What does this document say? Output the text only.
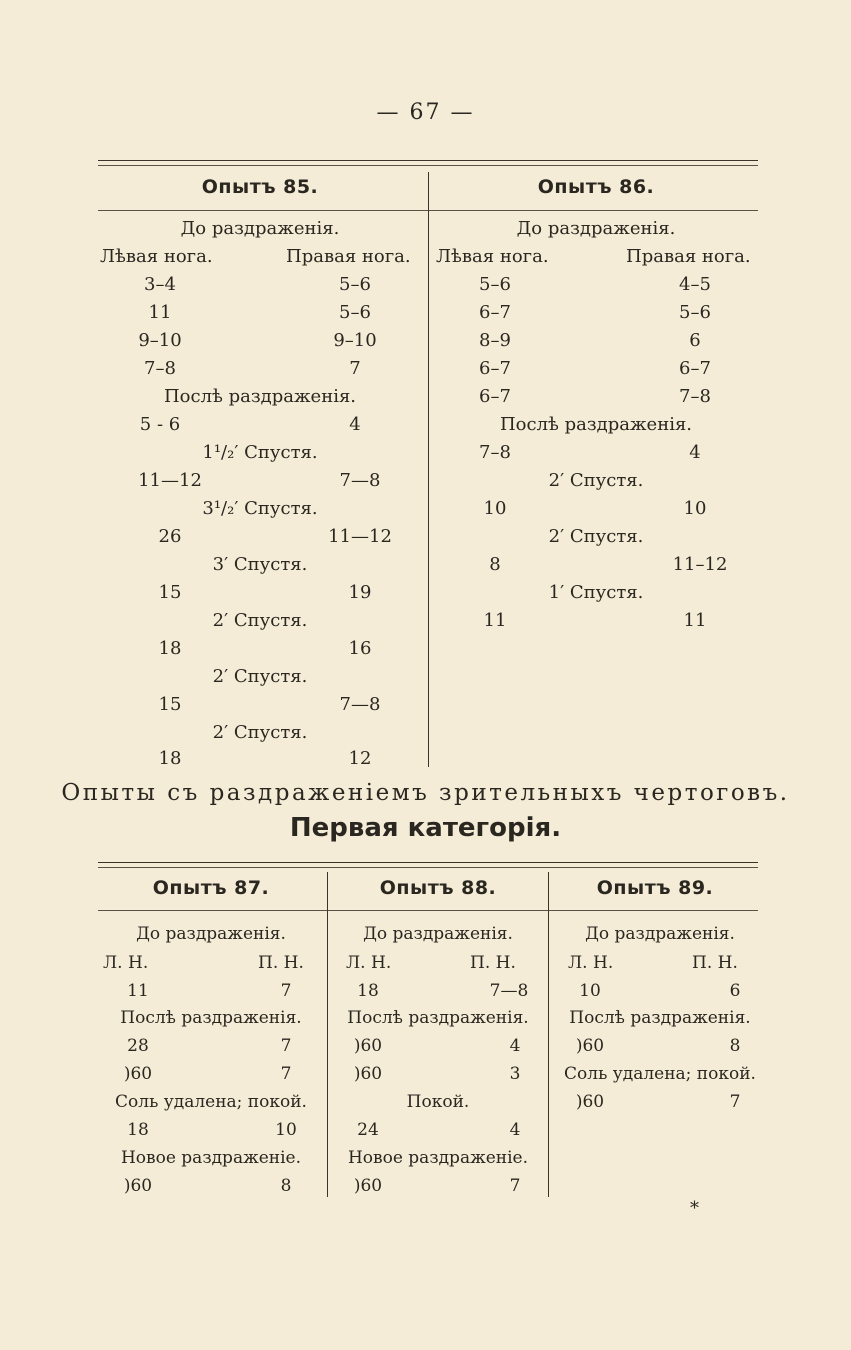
— 67 —
Опытъ 85.
До раздраженія.
Лѣвая нога.	Правая нога.
3–4	5–6
11	5–6
9–10	9–10
7–8	7
Послѣ раздраженія.
5 - 6	4
1¹/₂′ Спустя.
11—12	7—8
3¹/₂′ Спустя.
26	11—12
3′ Спустя.
15	19
2′ Спустя.
18	16
2′ Спустя.
15	7—8
2′ Спустя.
18	12
Опытъ 86.
До раздраженія.
Лѣвая нога.	Правая нога.
5–6	4–5
6–7	5–6
8–9	6
6–7	6–7
6–7	7–8
Послѣ раздраженія.
7–8	4
2′ Спустя.
10	10
2′ Спустя.
8	11–12
1′ Спустя.
11	11
Опыты съ раздраженіемъ зрительныхъ чертоговъ.
Первая категорія.
Опытъ 87.
До раздраженія.
Л. Н.	П. Н.
11	7
Послѣ раздраженія.
28	7
)60	7
Соль удалена; покой.
18	10
Новое раздраженіе.
)60	8
Опытъ 88.
До раздраженія.
Л. Н.	П. Н.
18	7—8
Послѣ раздраженія.
)60	4
)60	3
Покой.
24	4
Новое раздраженіе.
)60	7
Опытъ 89.
До раздраженія.
Л. Н.	П. Н.
10	6
Послѣ раздраженія.
)60	8
Соль удалена; покой.
)60	7
*
